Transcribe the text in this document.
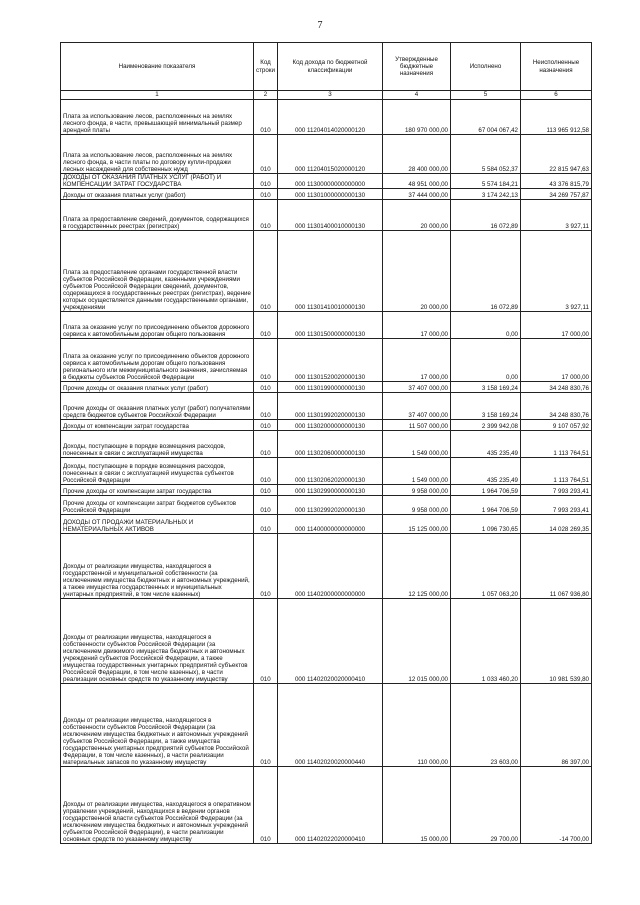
7
Наименование показателя	Код строки	Код дохода по бюджетной классификации	Утвержденные бюджетные назначения	Исполнено	Неисполненные назначения
1	2	3	4	5	6
Плата за использование лесов, расположенных на землях лесного фонда, в части, превышающей минимальный размер арендной платы	010	000 11204014020000120	180 970 000,00	67 004 067,42	113 965 912,58
Плата за использование лесов, расположенных на землях лесного фонда, в части платы по договору купли-продажи лесных насаждений для собственных нужд	010	000 11204015020000120	28 400 000,00	5 584 052,37	22 815 947,63
ДОХОДЫ ОТ ОКАЗАНИЯ ПЛАТНЫХ УСЛУГ (РАБОТ) И КОМПЕНСАЦИИ ЗАТРАТ ГОСУДАРСТВА	010	000 11300000000000000	48 951 000,00	5 574 184,21	43 376 815,79
Доходы от оказания платных услуг (работ)	010	000 11301000000000130	37 444 000,00	3 174 242,13	34 269 757,87
Плата за предоставление сведений, документов, содержащихся в государственных реестрах (регистрах)	010	000 11301400010000130	20 000,00	16 072,89	3 927,11
Плата за предоставление органами государственной власти субъектов Российской Федерации, казенными учреждениями субъектов Российской Федерации сведений, документов, содержащихся в государственных реестрах (регистрах), ведение которых осуществляется данными государственными органами, учреждениями	010	000 11301410010000130	20 000,00	16 072,89	3 927,11
Плата за оказание услуг по присоединению объектов дорожного сервиса к автомобильным дорогам общего пользования	010	000 11301500000000130	17 000,00	0,00	17 000,00
Плата за оказание услуг по присоединению объектов дорожного сервиса к автомобильным дорогам общего пользования регионального или межмуниципального значения, зачисляемая в бюджеты субъектов Российской Федерации	010	000 11301520020000130	17 000,00	0,00	17 000,00
Прочие доходы от оказания платных услуг (работ)	010	000 11301990000000130	37 407 000,00	3 158 169,24	34 248 830,76
Прочие доходы от оказания платных услуг (работ) получателями средств бюджетов субъектов Российской Федерации	010	000 11301992020000130	37 407 000,00	3 158 169,24	34 248 830,76
Доходы от компенсации затрат государства	010	000 11302000000000130	11 507 000,00	2 399 942,08	9 107 057,92
Доходы, поступающие в порядке возмещения расходов, понесенных в связи с эксплуатацией имущества	010	000 11302060000000130	1 549 000,00	435 235,49	1 113 764,51
Доходы, поступающие в порядке возмещения расходов, понесенных в связи с эксплуатацией имущества субъектов Российской Федерации	010	000 11302062020000130	1 549 000,00	435 235,49	1 113 764,51
Прочие доходы от компенсации затрат государства	010	000 11302990000000130	9 958 000,00	1 964 706,59	7 993 293,41
Прочие доходы от компенсации затрат бюджетов субъектов Российской Федерации	010	000 11302992020000130	9 958 000,00	1 964 706,59	7 993 293,41
ДОХОДЫ ОТ ПРОДАЖИ МАТЕРИАЛЬНЫХ И НЕМАТЕРИАЛЬНЫХ АКТИВОВ	010	000 11400000000000000	15 125 000,00	1 096 730,65	14 028 269,35
Доходы от реализации имущества, находящегося в государственной и муниципальной собственности (за исключением имущества бюджетных и автономных учреждений, а также имущества государственных и муниципальных унитарных предприятий, в том числе казенных)	010	000 11402000000000000	12 125 000,00	1 057 063,20	11 067 936,80
Доходы от реализации имущества, находящегося в собственности субъектов Российской Федерации (за исключением движимого имущества бюджетных и автономных учреждений субъектов Российской Федерации, а также имущества государственных унитарных предприятий субъектов Российской Федерации, в том числе казенных), в части реализации основных средств по указанному имуществу	010	000 11402020020000410	12 015 000,00	1 033 460,20	10 981 539,80
Доходы от реализации имущества, находящегося в собственности субъектов Российской Федерации (за исключением имущества бюджетных и автономных учреждений субъектов Российской Федерации, а также имущества государственных унитарных предприятий субъектов Российской Федерации, в том числе казенных), в части реализации материальных запасов по указанному имуществу	010	000 11402020020000440	110 000,00	23 603,00	86 397,00
Доходы от реализации имущества, находящегося в оперативном управлении учреждений, находящихся в ведении органов государственной власти субъектов Российской Федерации (за исключением имущества бюджетных и автономных учреждений субъектов Российской Федерации), в части реализации основных средств по указанному имуществу	010	000 11402022020000410	15 000,00	29 700,00	-14 700,00
